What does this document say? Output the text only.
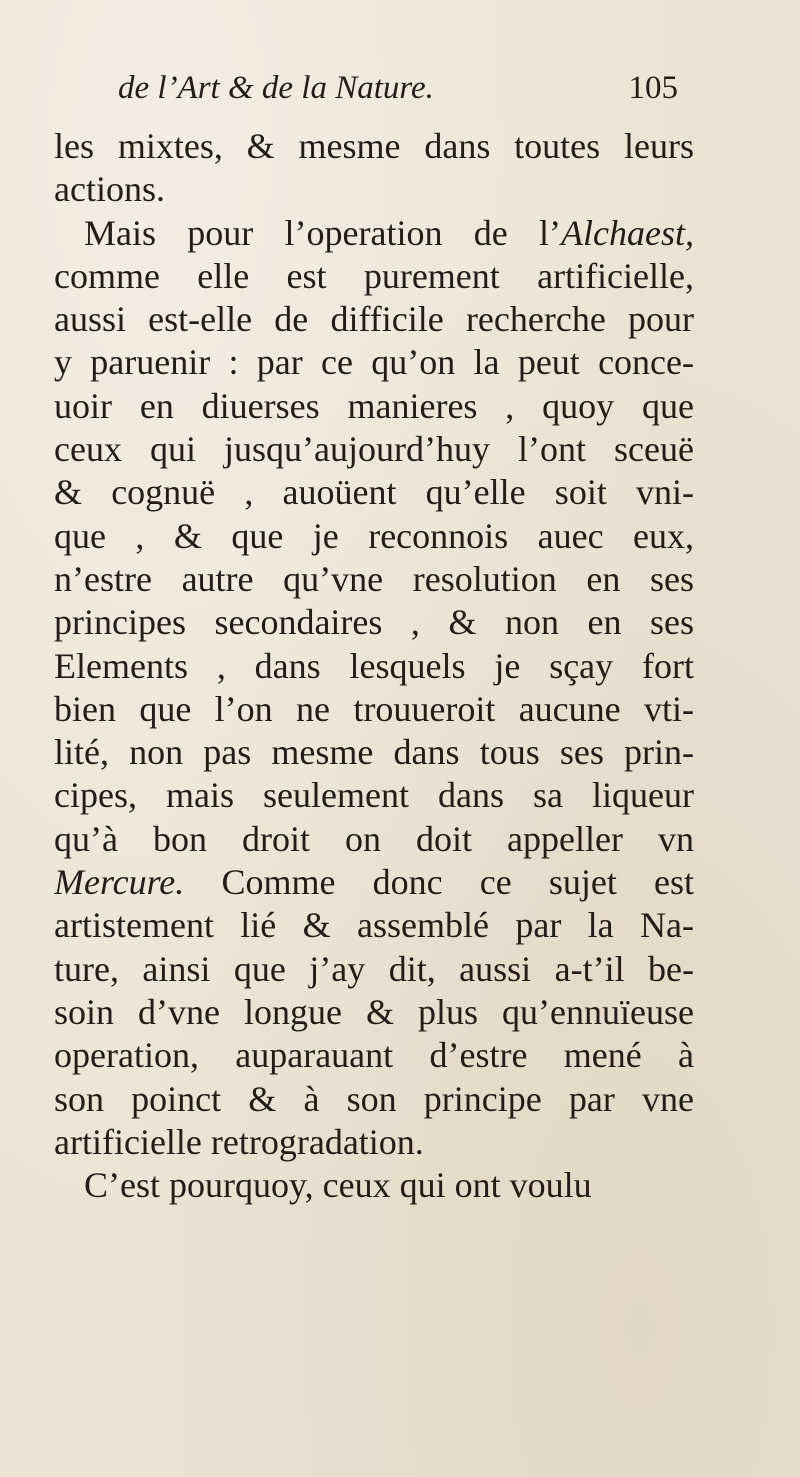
de l’Art & de la Nature.	105
les mixtes, & mesme dans toutes leurs
actions.
Mais pour l’operation de l’Alchaest,
comme elle est purement artificielle,
aussi est-elle de difficile recherche pour
y paruenir : par ce qu’on la peut conce-
uoir en diuerses manieres , quoy que
ceux qui jusqu’aujourd’huy l’ont sceuë
& cognuë , auoüent qu’elle soit vni-
que , & que je reconnois auec eux,
n’estre autre qu’vne resolution en ses
principes secondaires , & non en ses
Elements , dans lesquels je sçay fort
bien que l’on ne trouueroit aucune vti-
lité, non pas mesme dans tous ses prin-
cipes, mais seulement dans sa liqueur
qu’à bon droit on doit appeller vn
Mercure. Comme donc ce sujet est
artistement lié & assemblé par la Na-
ture, ainsi que j’ay dit, aussi a-t’il be-
soin d’vne longue & plus qu’ennuïeuse
operation, auparauant d’estre mené à
son poinct & à son principe par vne
artificielle retrogradation.
C’est pourquoy, ceux qui ont voulu
